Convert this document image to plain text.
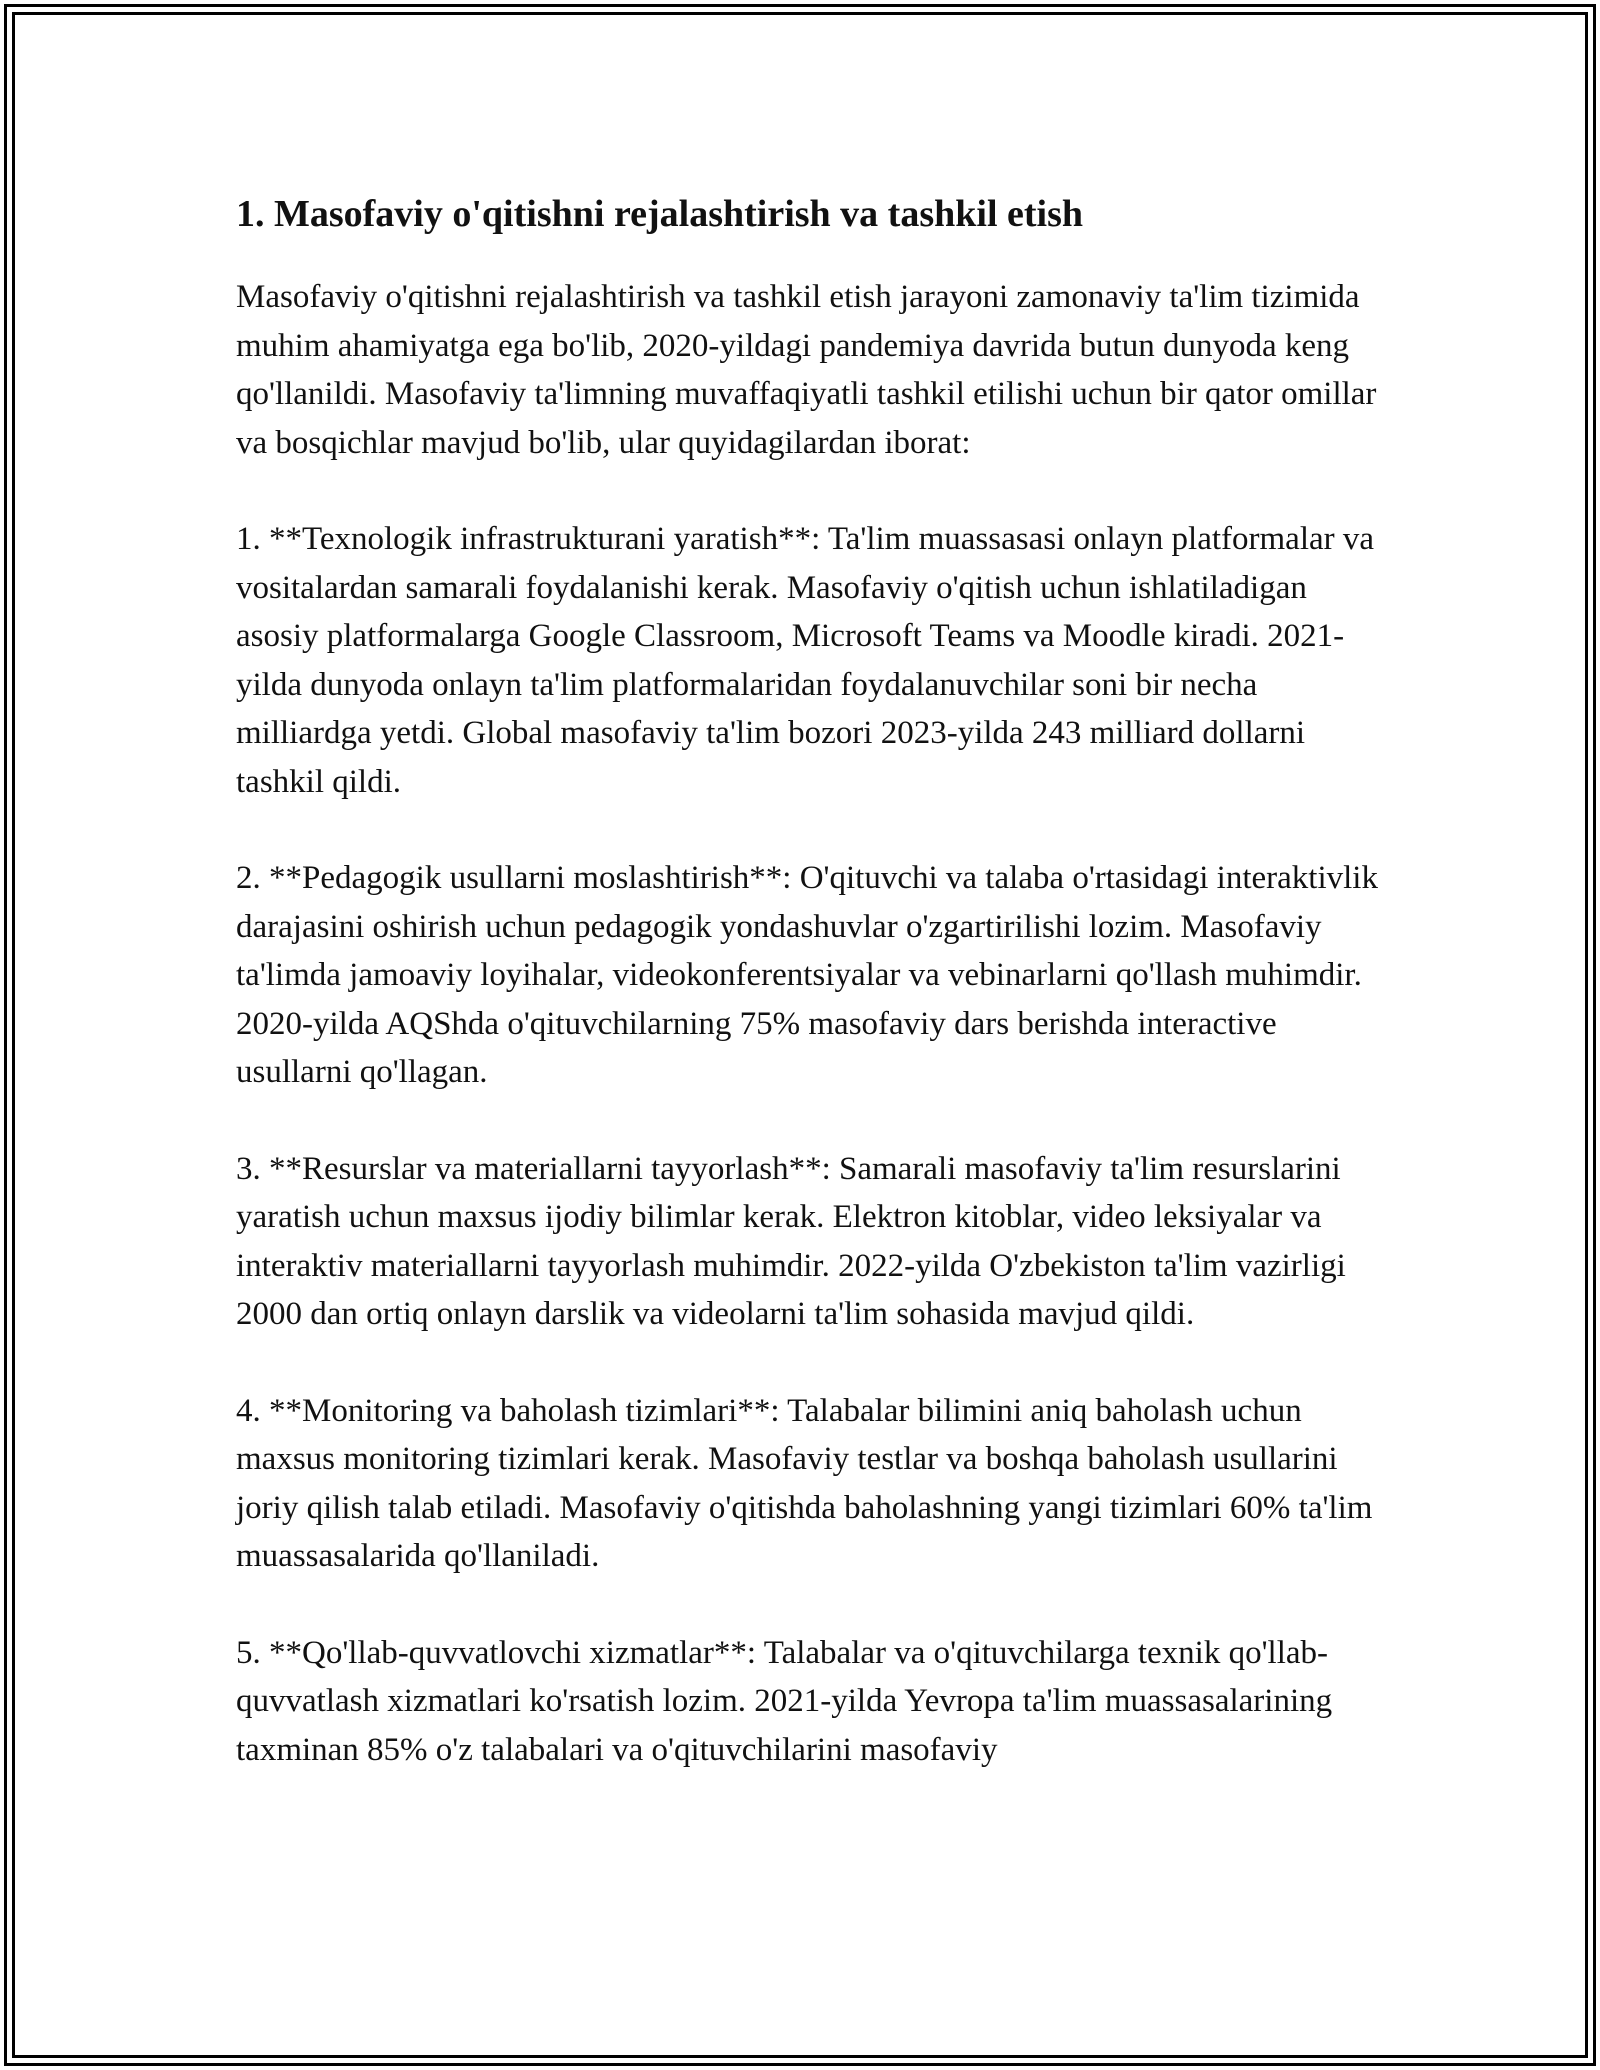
1. Masofaviy o'qitishni rejalashtirish va tashkil etish

Masofaviy o'qitishni rejalashtirish va tashkil etish jarayoni zamonaviy ta'lim tizimida muhim ahamiyatga ega bo'lib, 2020-yildagi pandemiya davrida butun dunyoda keng qo'llanildi. Masofaviy ta'limning muvaffaqiyatli tashkil etilishi uchun bir qator omillar va bosqichlar mavjud bo'lib, ular quyidagilardan iborat:

1. **Texnologik infrastrukturani yaratish**: Ta'lim muassasasi onlayn platformalar va vositalardan samarali foydalanishi kerak. Masofaviy o'qitish uchun ishlatiladigan asosiy platformalarga Google Classroom, Microsoft Teams va Moodle kiradi. 2021-yilda dunyoda onlayn ta'lim platformalaridan foydalanuvchilar soni bir necha milliardga yetdi. Global masofaviy ta'lim bozori 2023-yilda 243 milliard dollarni tashkil qildi.

2. **Pedagogik usullarni moslashtirish**: O'qituvchi va talaba o'rtasidagi interaktivlik darajasini oshirish uchun pedagogik yondashuvlar o'zgartirilishi lozim. Masofaviy ta'limda jamoaviy loyihalar, videokonferentsiyalar va vebinarlarni qo'llash muhimdir. 2020-yilda AQShda o'qituvchilarning 75% masofaviy dars berishda interactive usullarni qo'llagan.

3. **Resurslar va materiallarni tayyorlash**: Samarali masofaviy ta'lim resurslarini yaratish uchun maxsus ijodiy bilimlar kerak. Elektron kitoblar, video leksiyalar va interaktiv materiallarni tayyorlash muhimdir. 2022-yilda O'zbekiston ta'lim vazirligi 2000 dan ortiq onlayn darslik va videolarni ta'lim sohasida mavjud qildi.

4. **Monitoring va baholash tizimlari**: Talabalar bilimini aniq baholash uchun maxsus monitoring tizimlari kerak. Masofaviy testlar va boshqa baholash usullarini joriy qilish talab etiladi. Masofaviy o'qitishda baholashning yangi tizimlari 60% ta'lim muassasalarida qo'llaniladi.

5. **Qo'llab-quvvatlovchi xizmatlar**: Talabalar va o'qituvchilarga texnik qo'llab-quvvatlash xizmatlari ko'rsatish lozim. 2021-yilda Yevropa ta'lim muassasalarining taxminan 85% o'z talabalari va o'qituvchilarini masofaviy
